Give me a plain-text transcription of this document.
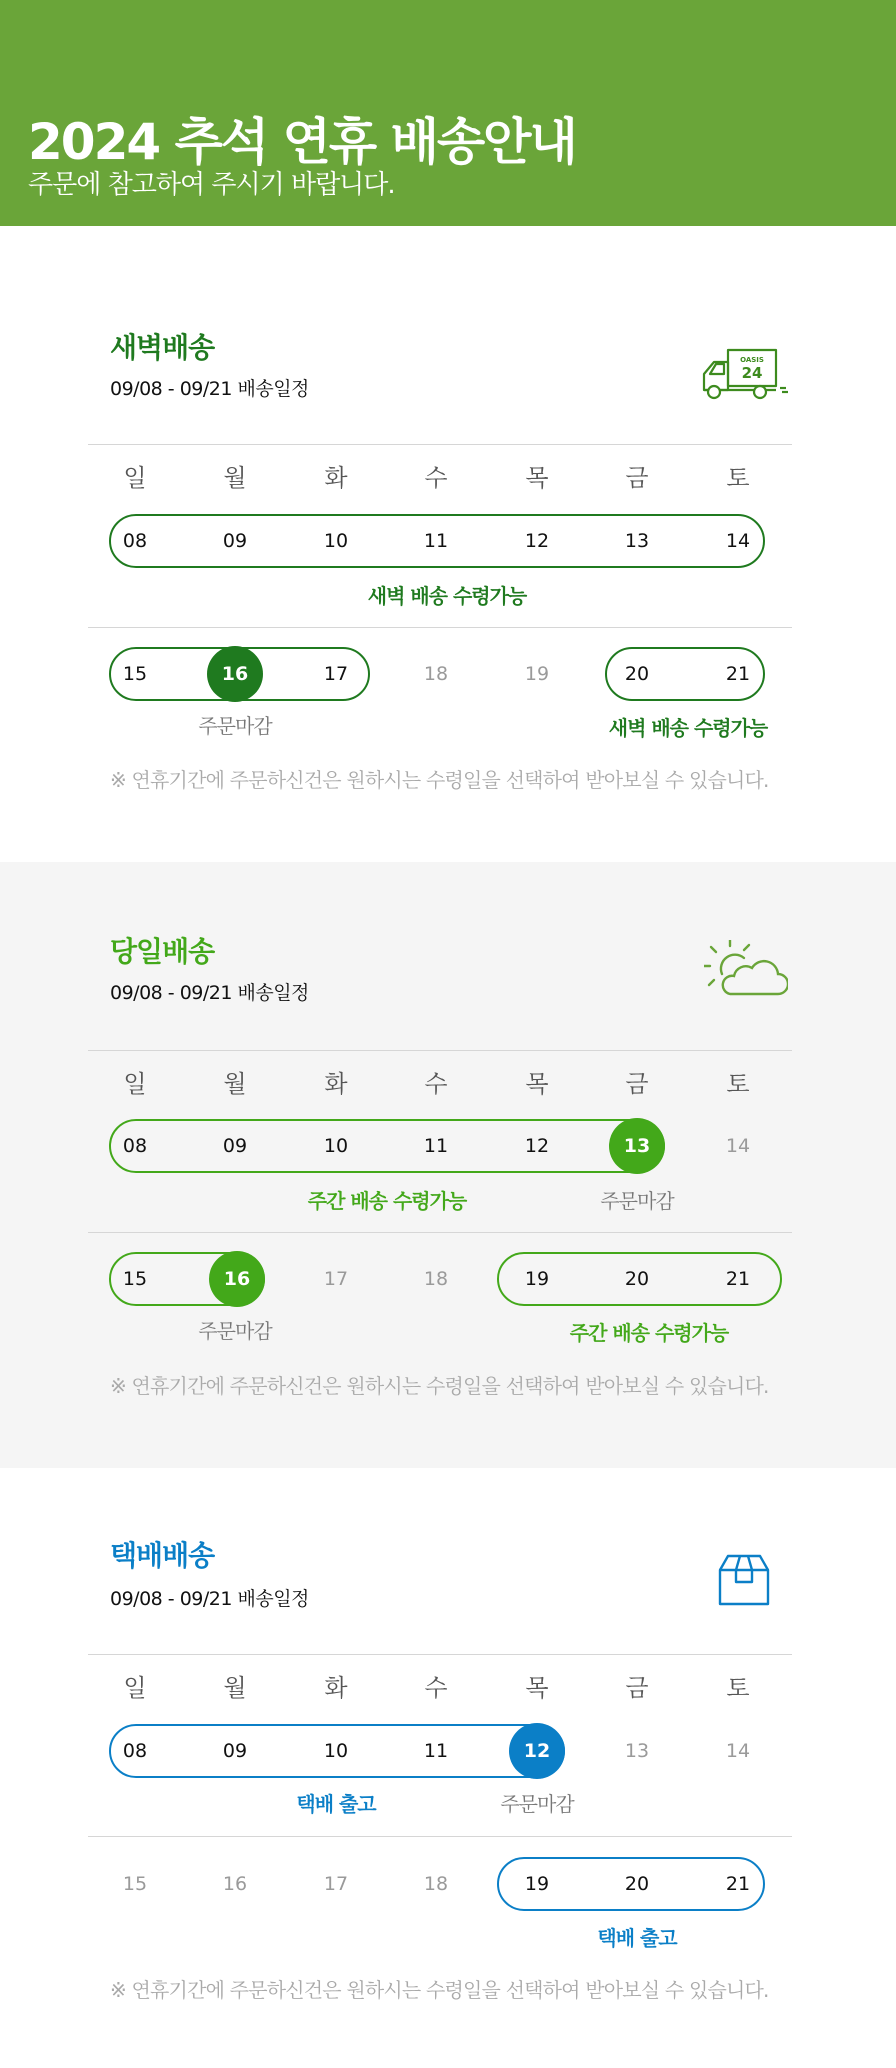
2024 추석 연휴 배송안내
주문에 참고하여 주시기 바랍니다.
새벽배송
09/08 - 09/21 배송일정
OASIS
24
일	월	화	수	목	금	토
08	09	10	11	12	13	14
새벽 배송 수령가능
15	16	17	18	19	20	21
주문마감	새벽 배송 수령가능
※ 연휴기간에 주문하신건은 원하시는 수령일을 선택하여 받아보실 수 있습니다.
당일배송
09/08 - 09/21 배송일정
일	월	화	수	목	금	토
08	09	10	11	12	13	14
주간 배송 수령가능	주문마감
15	16	17	18	19	20	21
주문마감	주간 배송 수령가능
※ 연휴기간에 주문하신건은 원하시는 수령일을 선택하여 받아보실 수 있습니다.
택배배송
09/08 - 09/21 배송일정
일	월	화	수	목	금	토
08	09	10	11	12	13	14
택배 출고	주문마감
15	16	17	18	19	20	21
택배 출고
※ 연휴기간에 주문하신건은 원하시는 수령일을 선택하여 받아보실 수 있습니다.
